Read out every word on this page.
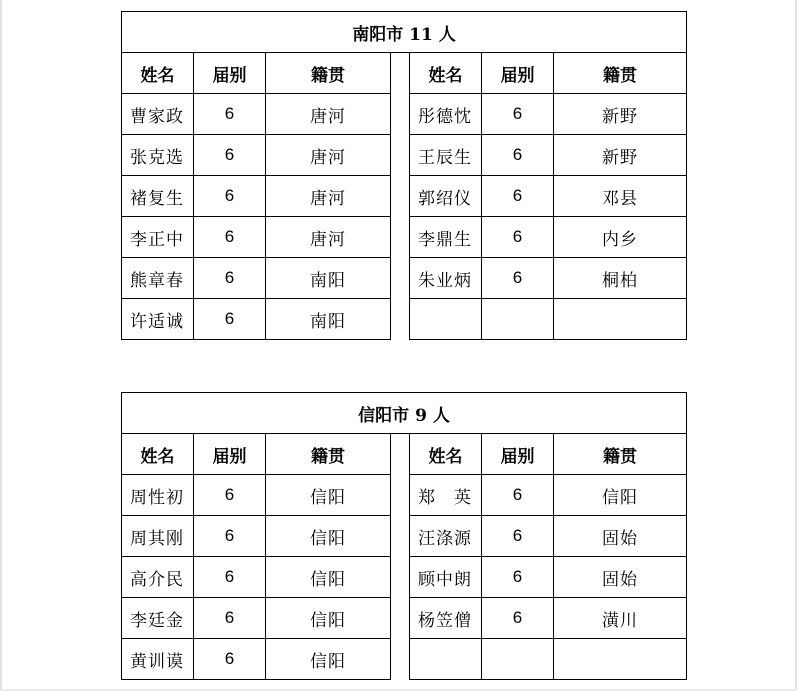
南阳市 11 人						
姓名	届别	籍贯		姓名	届别	籍贯
曹家政	6	唐河		彤德忱	6	新野
张克选	6	唐河		王辰生	6	新野
褚复生	6	唐河		郭绍仪	6	邓县
李正中	6	唐河		李鼎生	6	内乡
熊章春	6	南阳		朱业炳	6	桐柏
许适诚	6	南阳				
信阳市 9 人						
姓名	届别	籍贯		姓名	届别	籍贯
周性初	6	信阳		郑　英	6	信阳
周其刚	6	信阳		汪涤源	6	固始
高介民	6	信阳		顾中朗	6	固始
李廷金	6	信阳		杨笠僧	6	潢川
黄训谟	6	信阳				
